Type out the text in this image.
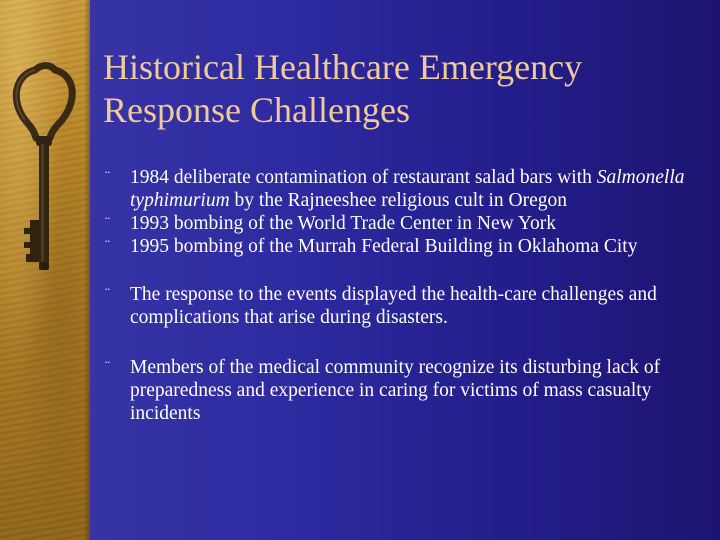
Historical Healthcare Emergency
Response Challenges
¨ 1984 deliberate contamination of restaurant salad bars with Salmonella typhimurium by the Rajneeshee religious cult in Oregon
¨ 1993 bombing of the World Trade Center in New York
¨ 1995 bombing of the Murrah Federal Building in Oklahoma City
¨ The response to the events displayed the health-care challenges and complications that arise during disasters.
¨ Members of the medical community recognize its disturbing lack of preparedness and experience in caring for victims of mass casualty incidents
